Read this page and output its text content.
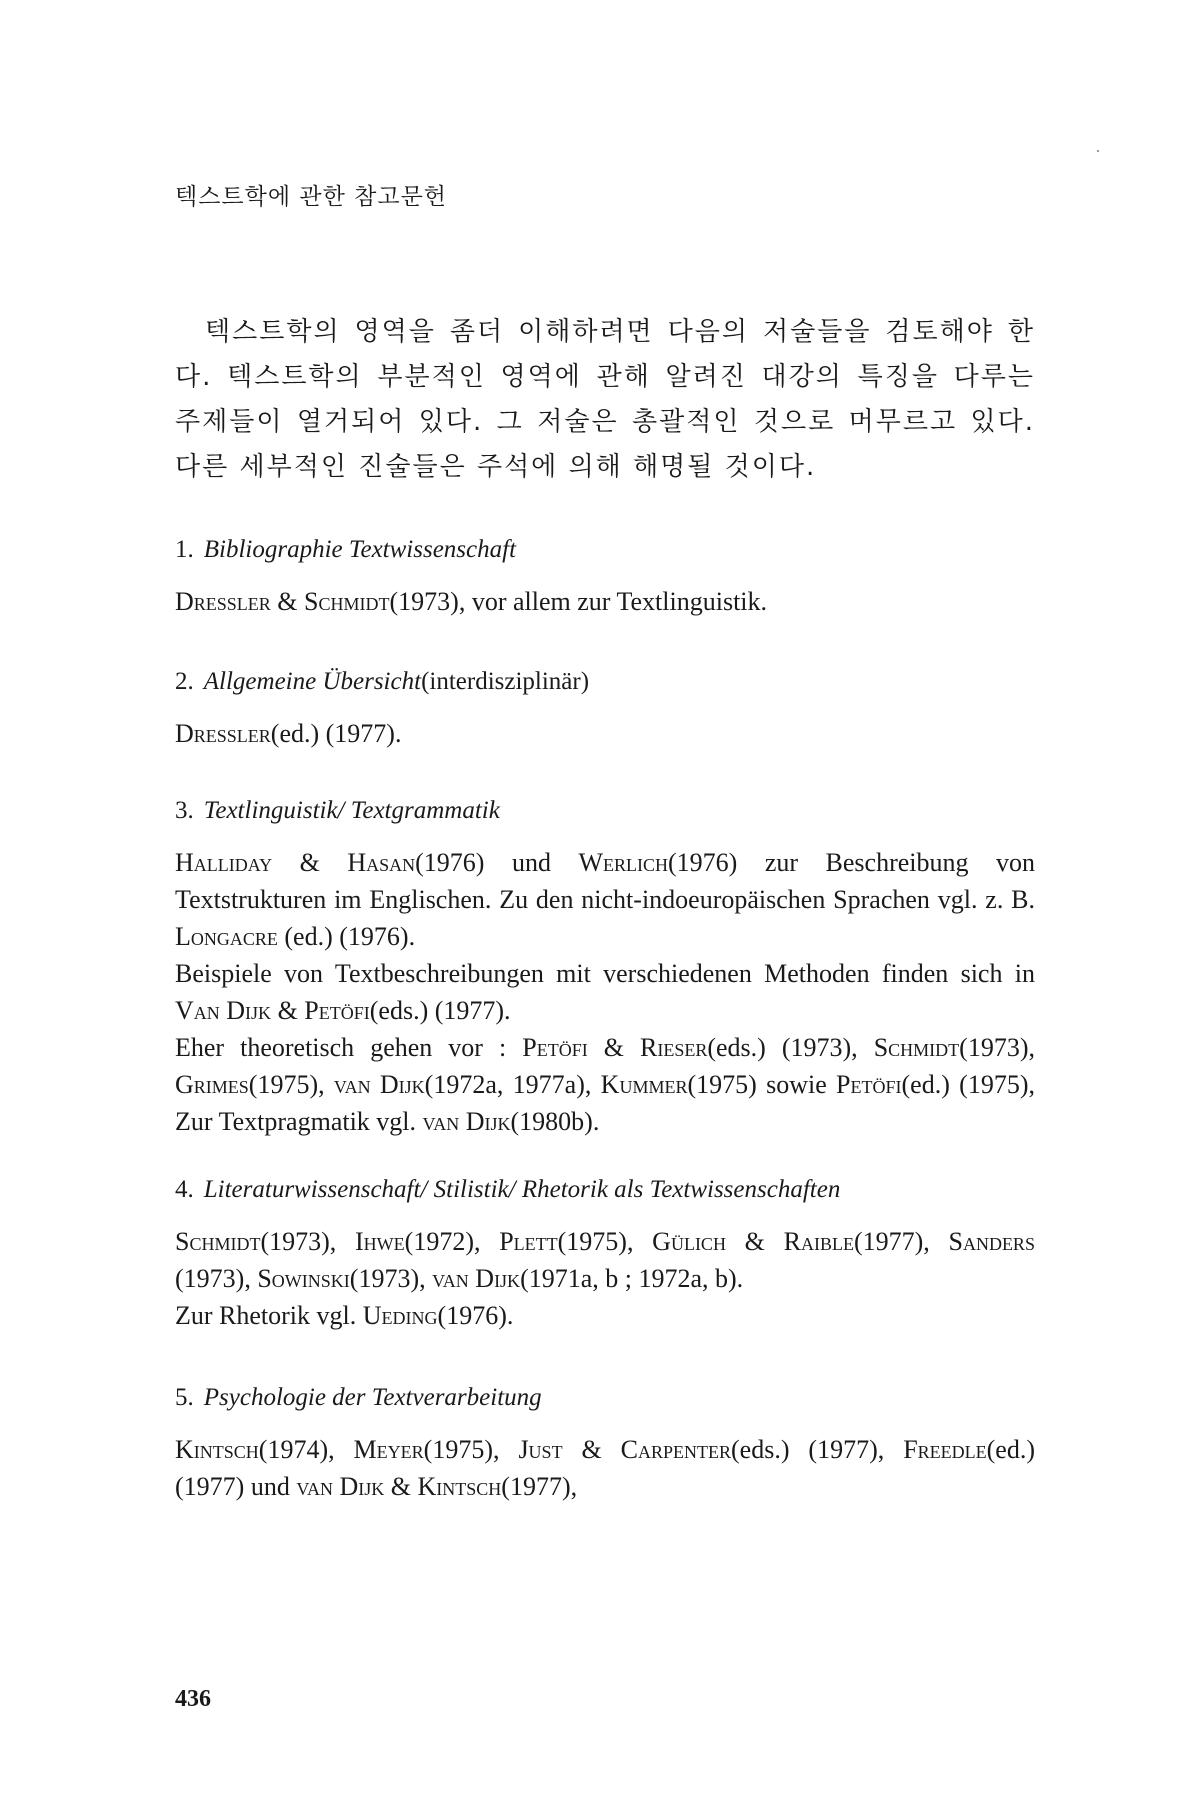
텍스트학에 관한 참고문헌

텍스트학의 영역을 좀더 이해하려면 다음의 저술들을 검토해야 한다. 텍스트학의 부분적인 영역에 관해 알려진 대강의 특징을 다루는 주제들이 열거되어 있다. 그 저술은 총괄적인 것으로 머무르고 있다. 다른 세부적인 진술들은 주석에 의해 해명될 것이다.

1. Bibliographie Textwissenschaft

Dressler & Schmidt(1973), vor allem zur Textlinguistik.

2. Allgemeine Übersicht(interdisziplinär)

Dressler(ed.) (1977).

3. Textlinguistik/ Textgrammatik

Halliday & Hasan(1976) und Werlich(1976) zur Beschreibung von Textstrukturen im Englischen. Zu den nicht-indoeuropäischen Sprachen vgl. z. B. Longacre (ed.) (1976).

Beispiele von Textbeschreibungen mit verschiedenen Methoden finden sich in Van Dijk & Petöfi(eds.) (1977).

Eher theoretisch gehen vor : Petöfi & Rieser(eds.) (1973), Schmidt(1973), Grimes(1975), van Dijk(1972a, 1977a), Kummer(1975) sowie Petöfi(ed.) (1975), Zur Textpragmatik vgl. van Dijk(1980b).

4. Literaturwissenschaft/ Stilistik/ Rhetorik als Textwissenschaften

Schmidt(1973), Ihwe(1972), Plett(1975), Gülich & Raible(1977), Sanders (1973), Sowinski(1973), van Dijk(1971a, b ; 1972a, b).

Zur Rhetorik vgl. Ueding(1976).

5. Psychologie der Textverarbeitung

Kintsch(1974), Meyer(1975), Just & Carpenter(eds.) (1977), Freedle(ed.) (1977) und van Dijk & Kintsch(1977),

436
